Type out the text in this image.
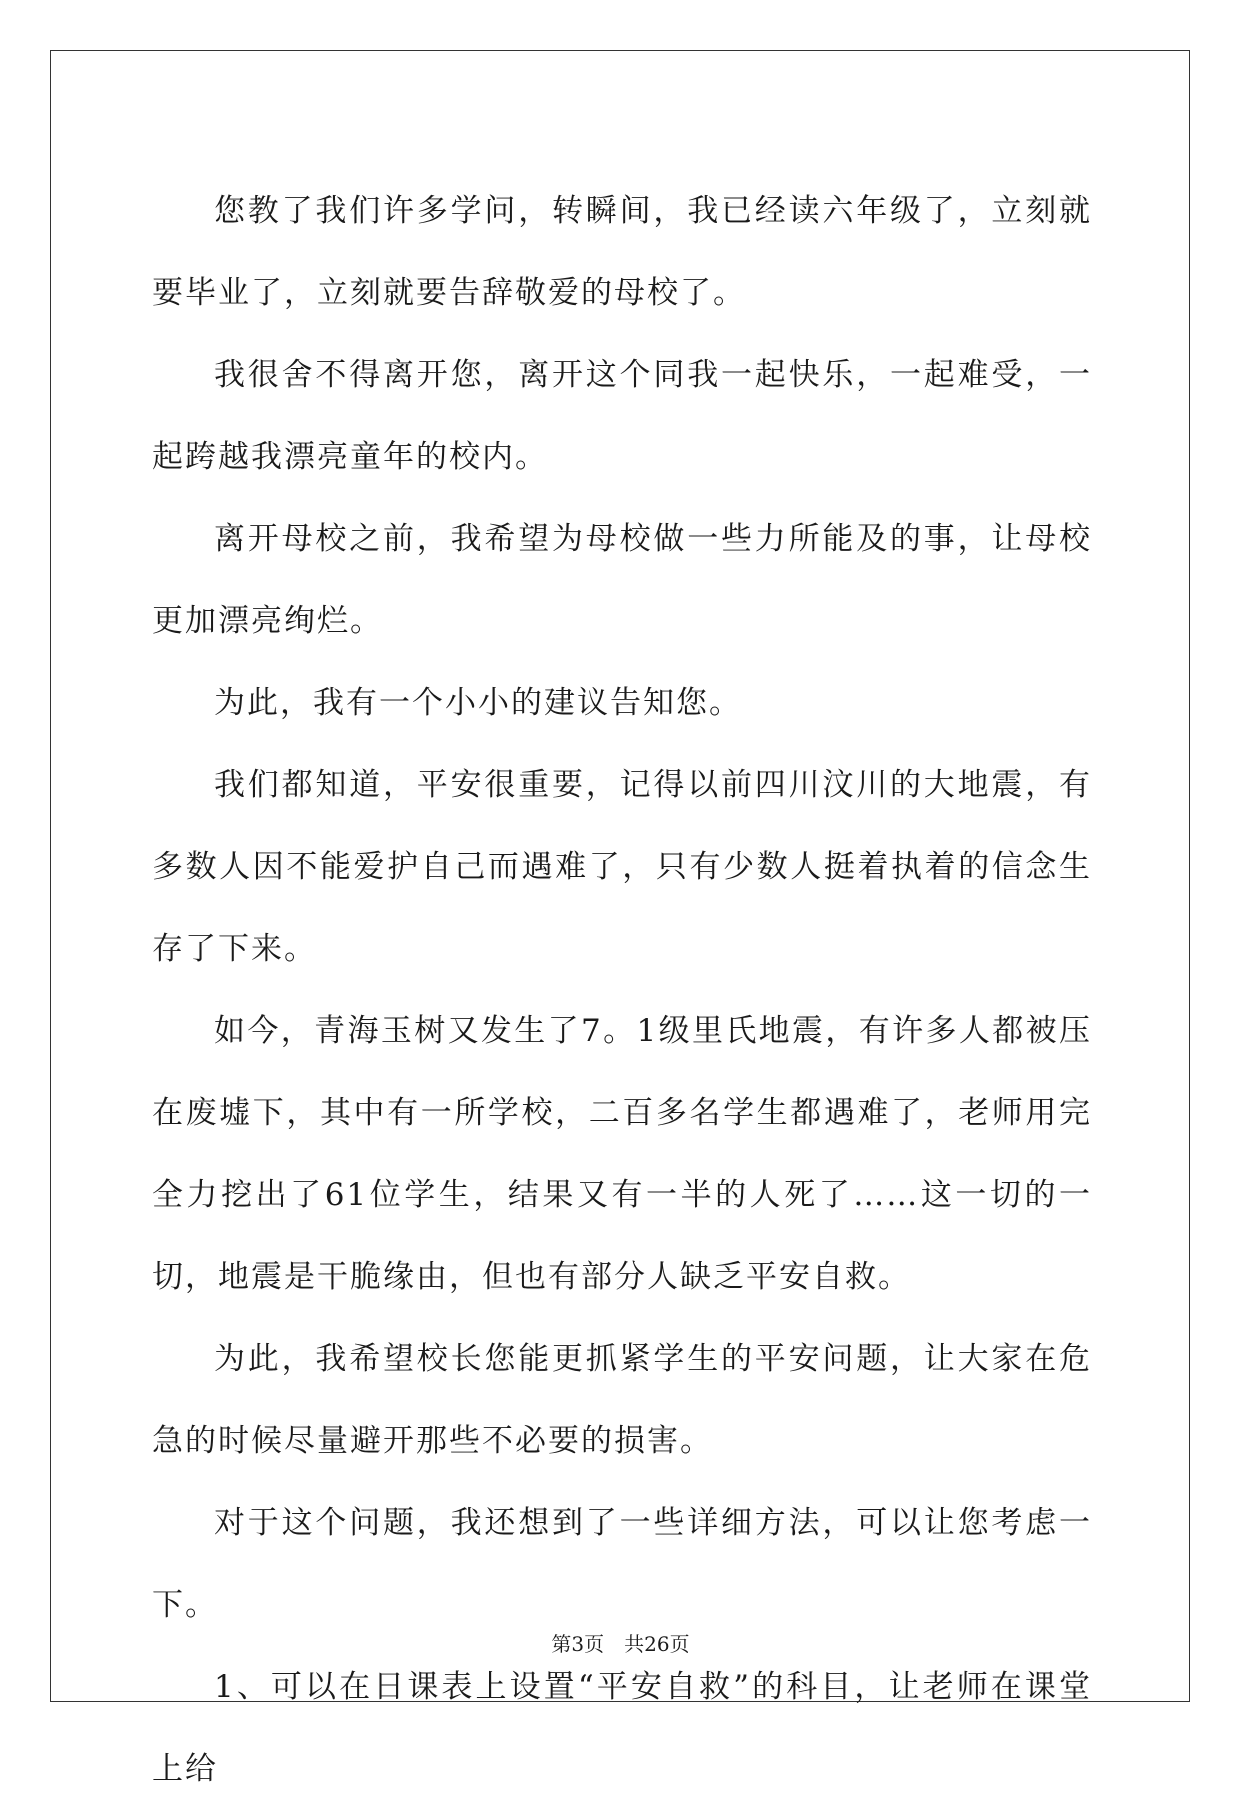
您教了我们许多学问，转瞬间，我已经读六年级了，立刻就要毕业了，立刻就要告辞敬爱的母校了。

我很舍不得离开您，离开这个同我一起快乐，一起难受，一起跨越我漂亮童年的校内。

离开母校之前，我希望为母校做一些力所能及的事，让母校更加漂亮绚烂。

为此，我有一个小小的建议告知您。

我们都知道，平安很重要，记得以前四川汶川的大地震，有多数人因不能爱护自己而遇难了，只有少数人挺着执着的信念生存了下来。

如今，青海玉树又发生了7。1级里氏地震，有许多人都被压在废墟下，其中有一所学校，二百多名学生都遇难了，老师用完全力挖出了61位学生，结果又有一半的人死了……这一切的一切，地震是干脆缘由，但也有部分人缺乏平安自救。

为此，我希望校长您能更抓紧学生的平安问题，让大家在危急的时候尽量避开那些不必要的损害。

对于这个问题，我还想到了一些详细方法，可以让您考虑一下。

1、可以在日课表上设置“平安自救”的科目，让老师在课堂上给

第3页　共26页
